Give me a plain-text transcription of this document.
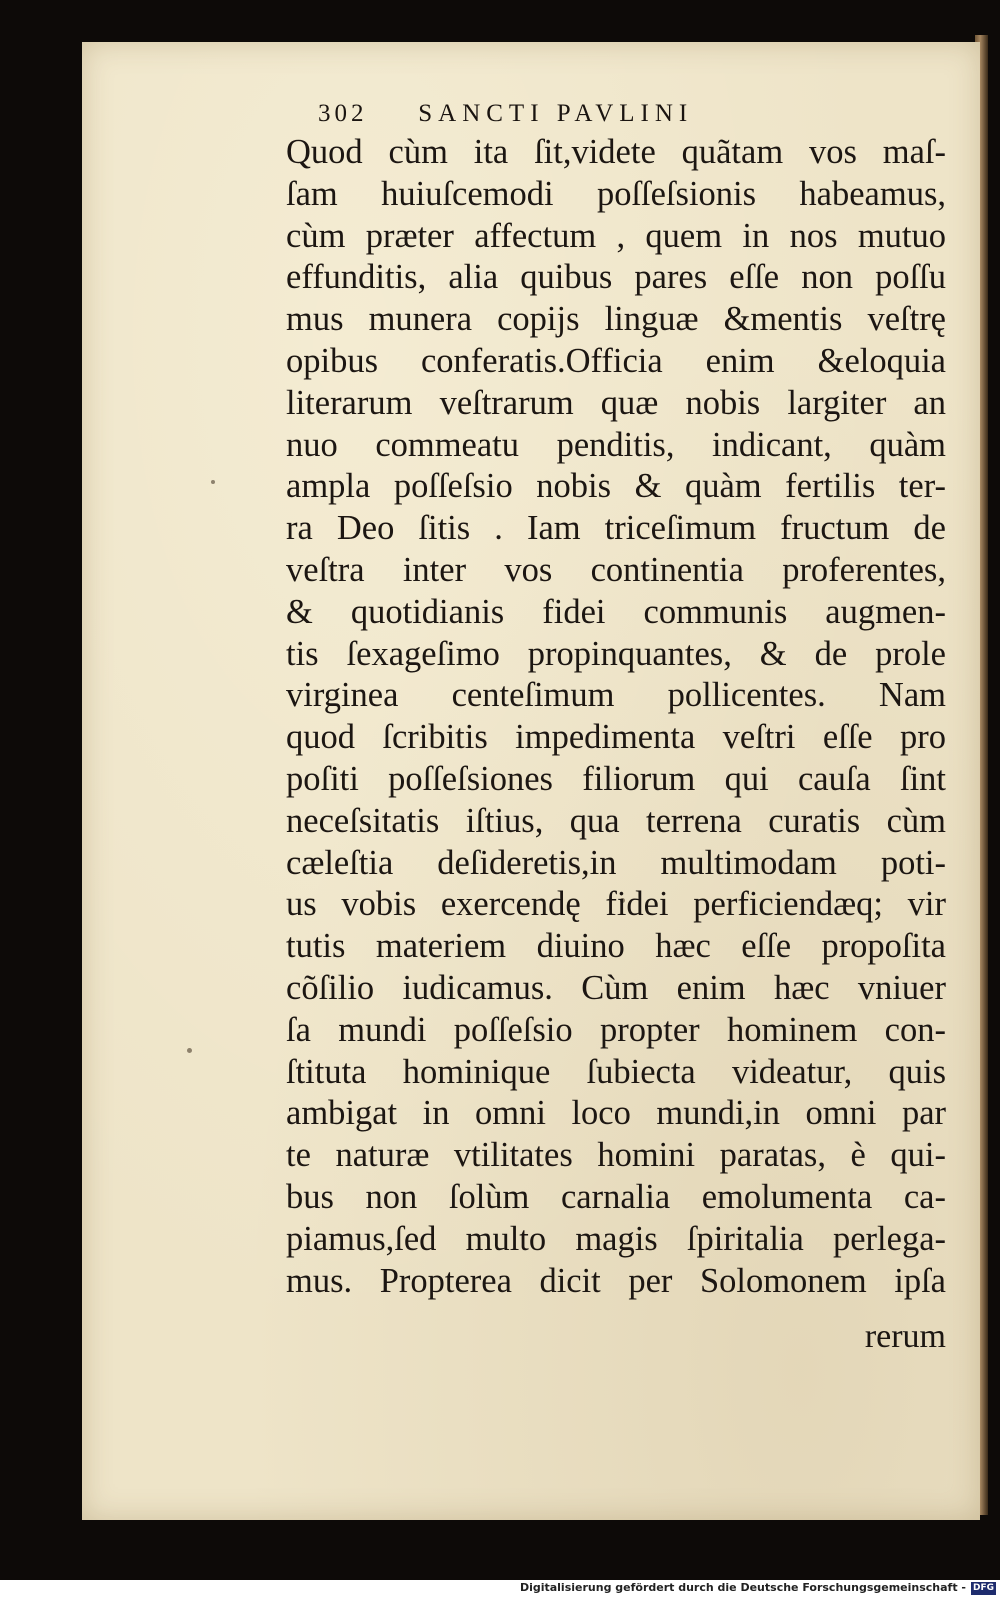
302 SANCTI PAVLINI
Quod cùm ita ſit,videte quãtam vos maſ-
ſam huiuſcemodi poſſeſsionis habeamus,
cùm præter affectum , quem in nos mutuo
effunditis, alia quibus pares eſſe non poſſu
mus munera copijs linguæ &mentis veſtrę
opibus conferatis.Officia enim &eloquia
literarum veſtrarum quæ nobis largiter an
nuo commeatu penditis, indicant, quàm
ampla poſſeſsio nobis & quàm fertilis ter-
ra Deo ſitis . Iam triceſimum fructum de
veſtra inter vos continentia proferentes,
& quotidianis fidei communis augmen-
tis ſexageſimo propinquantes, & de prole
virginea centeſimum pollicentes. Nam
quod ſcribitis impedimenta veſtri eſſe pro
poſiti poſſeſsiones filiorum qui cauſa ſint
neceſsitatis iſtius, qua terrena curatis cùm
cæleſtia deſideretis,in multimodam poti-
us vobis exercendę fidei perficiendæq; vir
tutis materiem diuino hæc eſſe propoſita
cõſilio iudicamus. Cùm enim hæc vniuer
ſa mundi poſſeſsio propter hominem con-
ſtituta hominique ſubiecta videatur, quis
ambigat in omni loco mundi,in omni par
te naturæ vtilitates homini paratas, è qui-
bus non ſolùm carnalia emolumenta ca-
piamus,ſed multo magis ſpiritalia perlega-
mus. Propterea dicit per Solomonem ipſa
rerum
Digitalisierung gefördert durch die Deutsche Forschungsgemeinschaft - DFG
